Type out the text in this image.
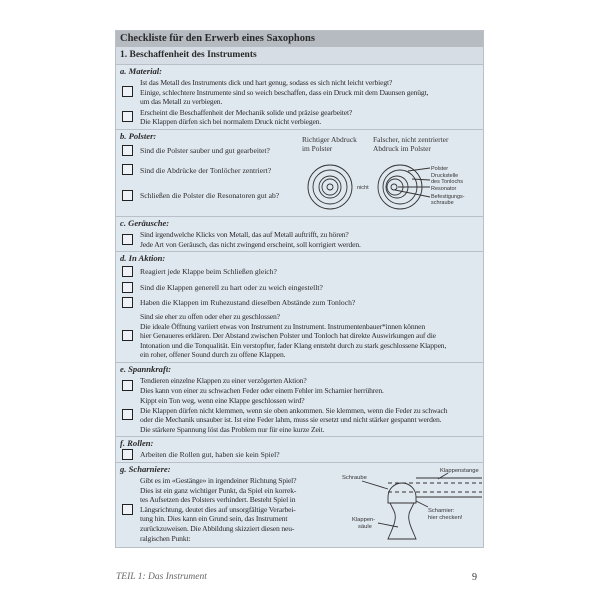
Checkliste für den Erwerb eines Saxophons
1. Beschaffenheit des Instruments
a. Material:
Ist das Metall des Instruments dick und hart genug, sodass es sich nicht leicht verbiegt?
Einige, schlechtere Instrumente sind so weich beschaffen, dass ein Druck mit dem Daunsen genügt,
um das Metall zu verbiegen.
Erscheint die Beschaffenheit der Mechanik solide und präzise gearbeitet?
Die Klappen dürfen sich bei normalem Druck nicht verbiegen.
b. Polster:
Sind die Polster sauber und gut gearbeitet?
Sind die Abdrücke der Tonlöcher zentriert?
Schließen die Polster die Resonatoren gut ab?
Richtiger Abdruck
im Polster
Falscher, nicht zentrierter
Abdruck im Polster
nicht
Polster
Druckstelle
des Tonlochs
Resonator
Befestigungs-
schraube
c. Geräusche:
Sind irgendwelche Klicks von Metall, das auf Metall auftrifft, zu hören?
Jede Art von Geräusch, das nicht zwingend erscheint, soll korrigiert werden.
d. In Aktion:
Reagiert jede Klappe beim Schließen gleich?
Sind die Klappen generell zu hart oder zu weich eingestellt?
Haben die Klappen im Ruhezustand dieselben Abstände zum Tonloch?
Sind sie eher zu offen oder eher zu geschlossen?
Die ideale Öffnung variiert etwas von Instrument zu Instrument. Instrumentenbauer*innen können
hier Genaueres erklären. Der Abstand zwischen Polster und Tonloch hat direkte Auswirkungen auf die
Intonation und die Tonqualität. Ein verstopfter, fader Klang entsteht durch zu stark geschlossene Klappen,
ein roher, offener Sound durch zu offene Klappen.
e. Spannkraft:
Tendieren einzelne Klappen zu einer verzögerten Aktion?
Dies kann von einer zu schwachen Feder oder einem Fehler im Scharnier herrühren.
Kippt ein Ton weg, wenn eine Klappe geschlossen wird?
Die Klappen dürfen nicht klemmen, wenn sie oben ankommen. Sie klemmen, wenn die Feder zu schwach
oder die Mechanik unsauber ist. Ist eine Feder lahm, muss sie ersetzt und nicht stärker gespannt werden.
Die stärkere Spannung löst das Problem nur für eine kurze Zeit.
f. Rollen:
Arbeiten die Rollen gut, haben sie kein Spiel?
g. Scharniere:
Gibt es im «Gestänge» in irgendeiner Richtung Spiel?
Dies ist ein ganz wichtiger Punkt, da Spiel ein korrek-
tes Aufsetzen des Polsters verhindert. Besteht Spiel in
Längsrichtung, deutet dies auf unsorgfältige Verarbei-
tung hin. Dies kann ein Grund sein, das Instrument
zurückzuweisen. Die Abbildung skizziert diesen neu-
ralgischen Punkt:
Klappenstange
Schraube
Scharnier:
hier checken!
Klappen-
säule
TEIL 1: Das Instrument	9
